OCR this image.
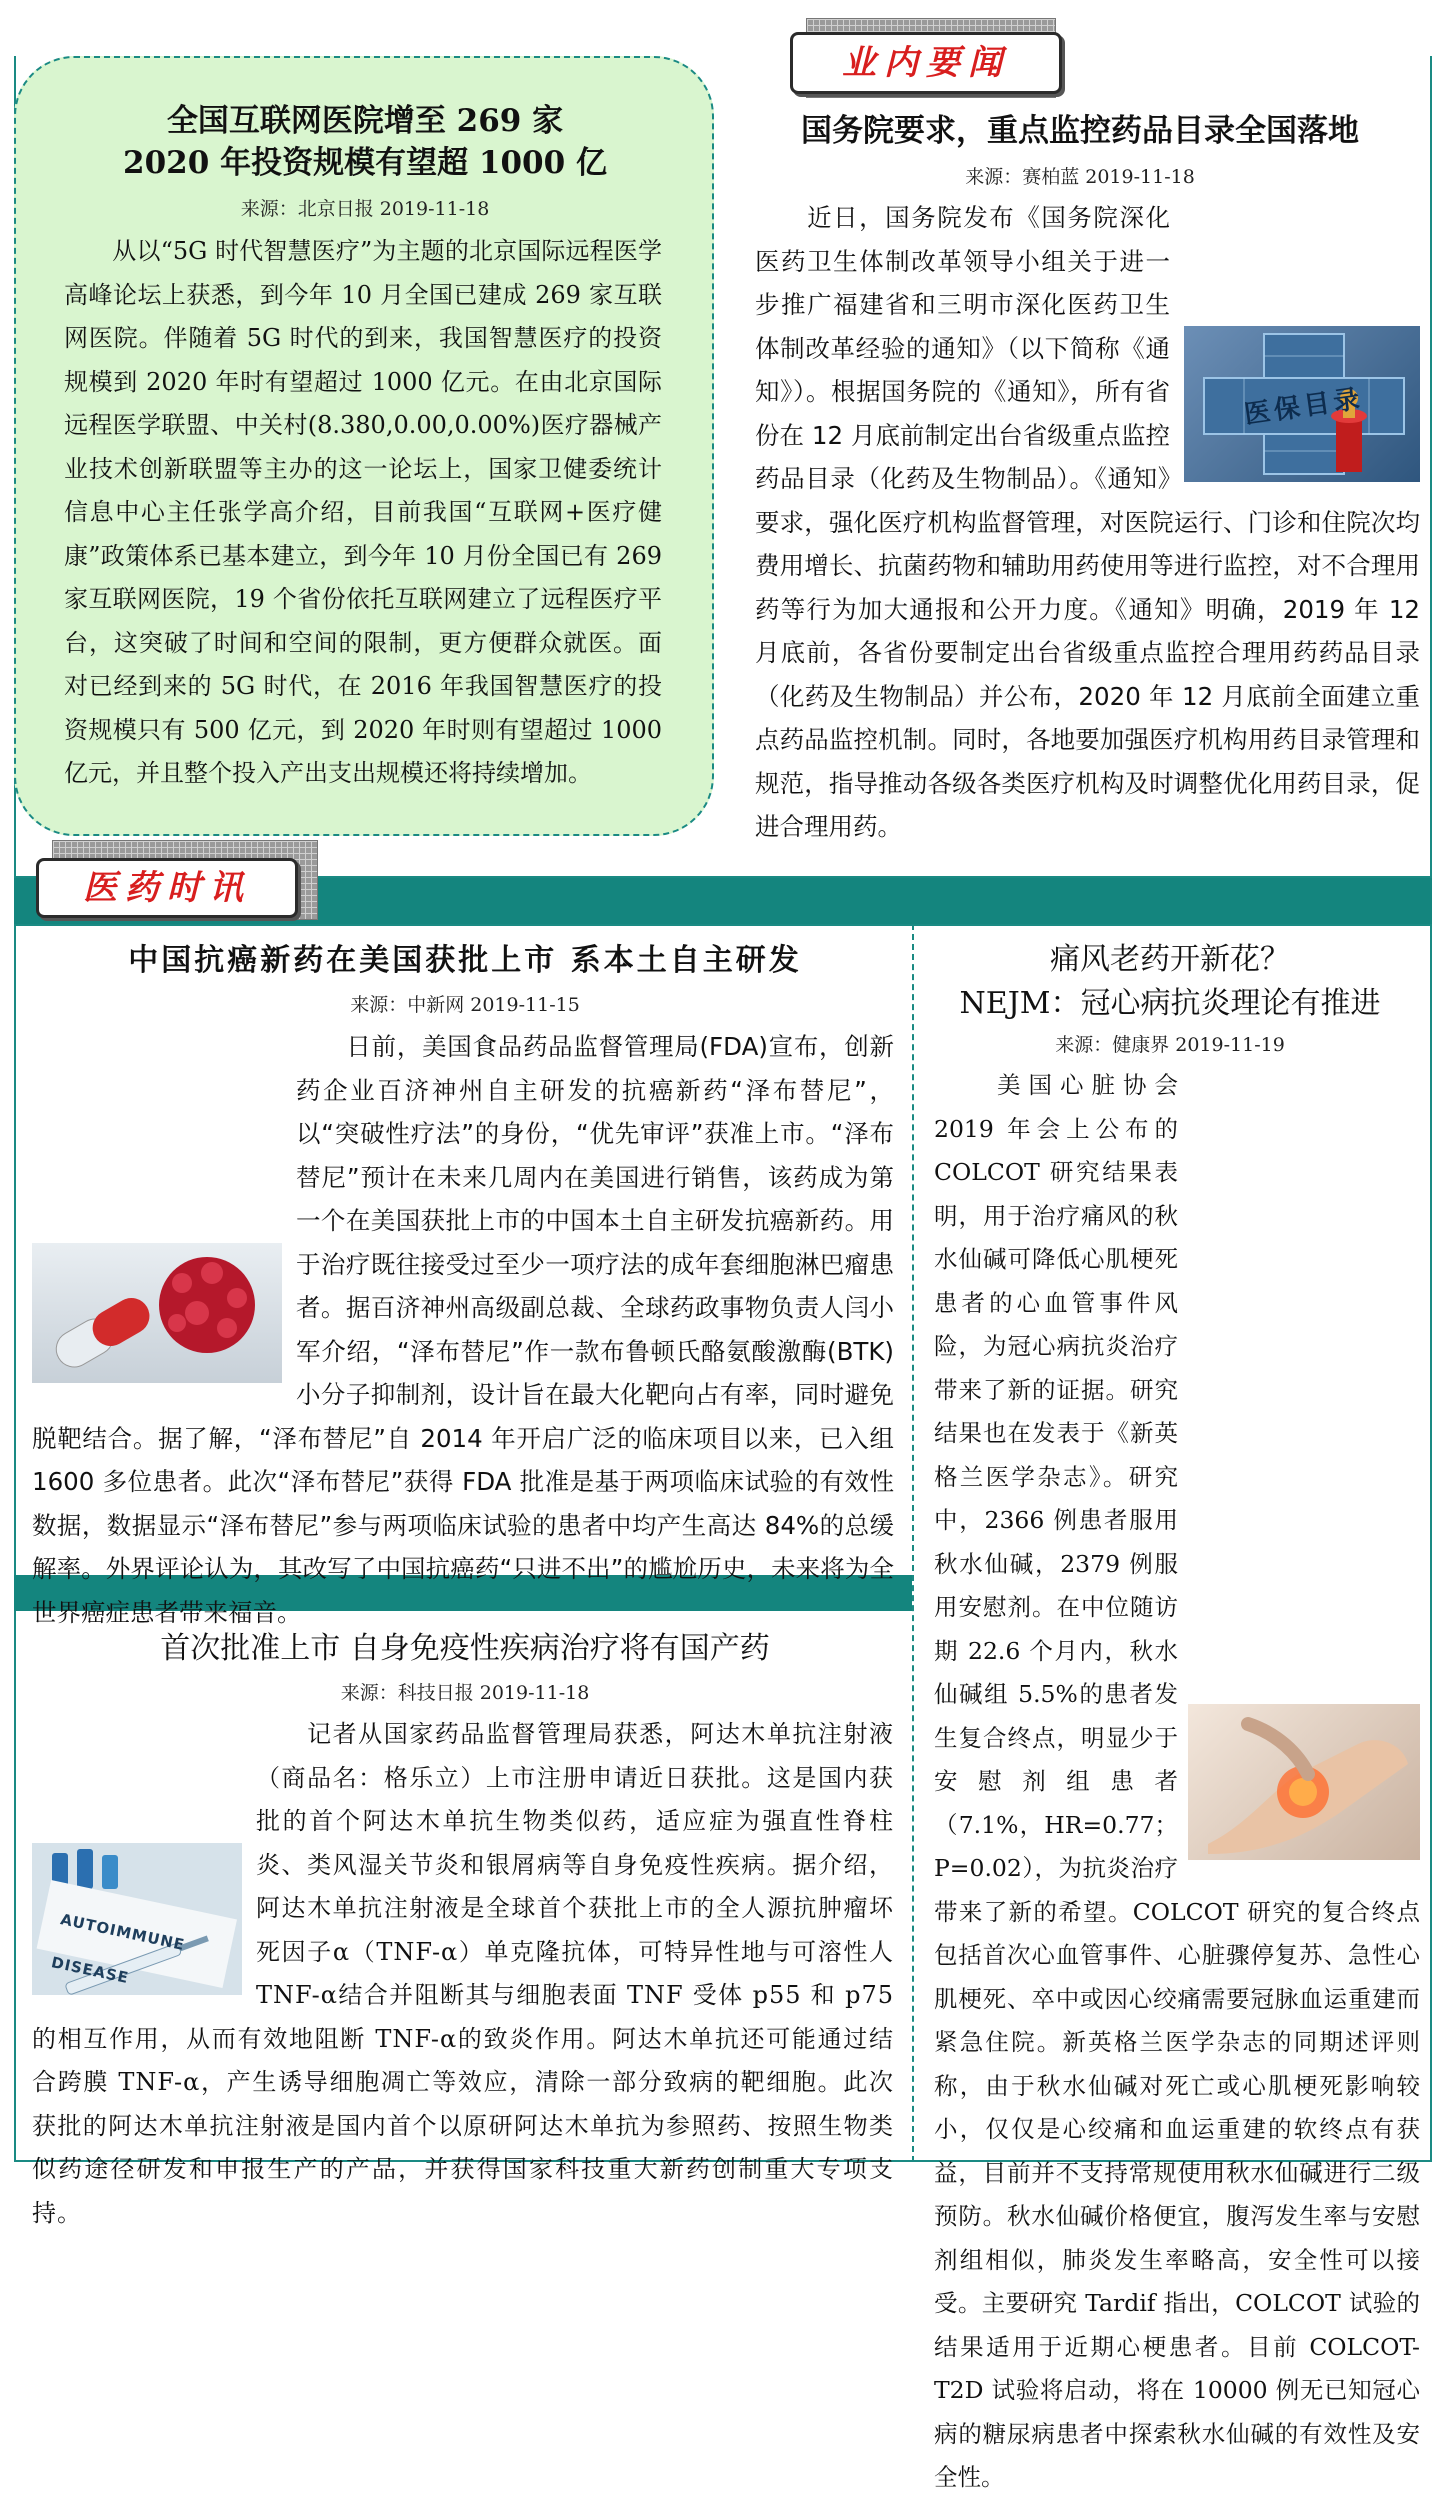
全国互联网医院增至 269 家
2020 年投资规模有望超 1000 亿
来源：北京日报 2019-11-18
　　从以“5G 时代智慧医疗”为主题的北京国际远程医学高峰论坛上获悉，到今年 10 月全国已建成 269 家互联网医院。伴随着 5G 时代的到来，我国智慧医疗的投资规模到 2020 年时有望超过 1000 亿元。在由北京国际远程医学联盟、中关村(8.380,0.00,0.00%)医疗器械产业技术创新联盟等主办的这一论坛上，国家卫健委统计信息中心主任张学高介绍，目前我国“互联网+医疗健康”政策体系已基本建立，到今年 10 月份全国已有 269 家互联网医院，19 个省份依托互联网建立了远程医疗平台，这突破了时间和空间的限制，更方便群众就医。面对已经到来的 5G 时代，在 2016 年我国智慧医疗的投资规模只有 500 亿元，到 2020 年时则有望超过 1000 亿元，并且整个投入产出支出规模还将持续增加。
业内要闻
国务院要求，重点监控药品目录全国落地
来源：赛柏蓝 2019-11-18
医保目录
　　近日，国务院发布《国务院深化医药卫生体制改革领导小组关于进一步推广福建省和三明市深化医药卫生体制改革经验的通知》（以下简称《通知》）。根据国务院的《通知》，所有省份在 12 月底前制定出台省级重点监控药品目录（化药及生物制品）。《通知》要求，强化医疗机构监督管理，对医院运行、门诊和住院次均费用增长、抗菌药物和辅助用药使用等进行监控，对不合理用药等行为加大通报和公开力度。《通知》明确，2019 年 12 月底前，各省份要制定出台省级重点监控合理用药药品目录（化药及生物制品）并公布，2020 年 12 月底前全面建立重点药品监控机制。同时，各地要加强医疗机构用药目录管理和规范，指导推动各级各类医疗机构及时调整优化用药目录，促进合理用药。
医药时讯
中国抗癌新药在美国获批上市 系本土自主研发
来源：中新网 2019-11-15
　　日前，美国食品药品监督管理局(FDA)宣布，创新药企业百济神州自主研发的抗癌新药“泽布替尼”，以“突破性疗法”的身份，“优先审评”获准上市。“泽布替尼”预计在未来几周内在美国进行销售，该药成为第一个在美国获批上市的中国本土自主研发抗癌新药。用于治疗既往接受过至少一项疗法的成年套细胞淋巴瘤患者。据百济神州高级副总裁、全球药政事物负责人闫小军介绍，“泽布替尼”作一款布鲁顿氏酪氨酸激酶(BTK)小分子抑制剂，设计旨在最大化靶向占有率，同时避免脱靶结合。据了解，“泽布替尼”自 2014 年开启广泛的临床项目以来，已入组 1600 多位患者。此次“泽布替尼”获得 FDA 批准是基于两项临床试验的有效性数据，数据显示“泽布替尼”参与两项临床试验的患者中均产生高达 84%的总缓解率。外界评论认为，其改写了中国抗癌药“只进不出”的尴尬历史，未来将为全世界癌症患者带来福音。
痛风老药开新花？
NEJM：冠心病抗炎理论有推进
来源：健康界 2019-11-19
　　美国心脏协会 2019 年会上公布的 COLCOT 研究结果表明，用于治疗痛风的秋水仙碱可降低心肌梗死患者的心血管事件风险，为冠心病抗炎治疗带来了新的证据。研究结果也在发表于《新英格兰医学杂志》。研究中，2366 例患者服用秋水仙碱，2379 例服用安慰剂。在中位随访期 22.6 个月内，秋水仙碱组 5.5%的患者发生复合终点，明显少于安慰剂组患者（7.1%，HR=0.77；P=0.02），为抗炎治疗带来了新的希望。COLCOT 研究的复合终点包括首次心血管事件、心脏骤停复苏、急性心肌梗死、卒中或因心绞痛需要冠脉血运重建而紧急住院。新英格兰医学杂志的同期述评则称，由于秋水仙碱对死亡或心肌梗死影响较小，仅仅是心绞痛和血运重建的软终点有获益，目前并不支持常规使用秋水仙碱进行二级预防。秋水仙碱价格便宜，腹泻发生率与安慰剂组相似，肺炎发生率略高，安全性可以接受。主要研究 Tardif 指出，COLCOT 试验的结果适用于近期心梗患者。目前 COLCOT-T2D 试验将启动，将在 10000 例无已知冠心病的糖尿病患者中探索秋水仙碱的有效性及安全性。
首次批准上市 自身免疫性疾病治疗将有国产药
来源：科技日报 2019-11-18
AUTOIMMUNE DISEASE
　　记者从国家药品监督管理局获悉，阿达木单抗注射液（商品名：格乐立）上市注册申请近日获批。这是国内获批的首个阿达木单抗生物类似药，适应症为强直性脊柱炎、类风湿关节炎和银屑病等自身免疫性疾病。据介绍，阿达木单抗注射液是全球首个获批上市的全人源抗肿瘤坏死因子α（TNF-α）单克隆抗体，可特异性地与可溶性人 TNF-α结合并阻断其与细胞表面 TNF 受体 p55 和 p75 的相互作用，从而有效地阻断 TNF-α的致炎作用。阿达木单抗还可能通过结合跨膜 TNF-α，产生诱导细胞凋亡等效应，清除一部分致病的靶细胞。此次获批的阿达木单抗注射液是国内首个以原研阿达木单抗为参照药、按照生物类似药途径研发和申报生产的产品，并获得国家科技重大新药创制重大专项支持。
